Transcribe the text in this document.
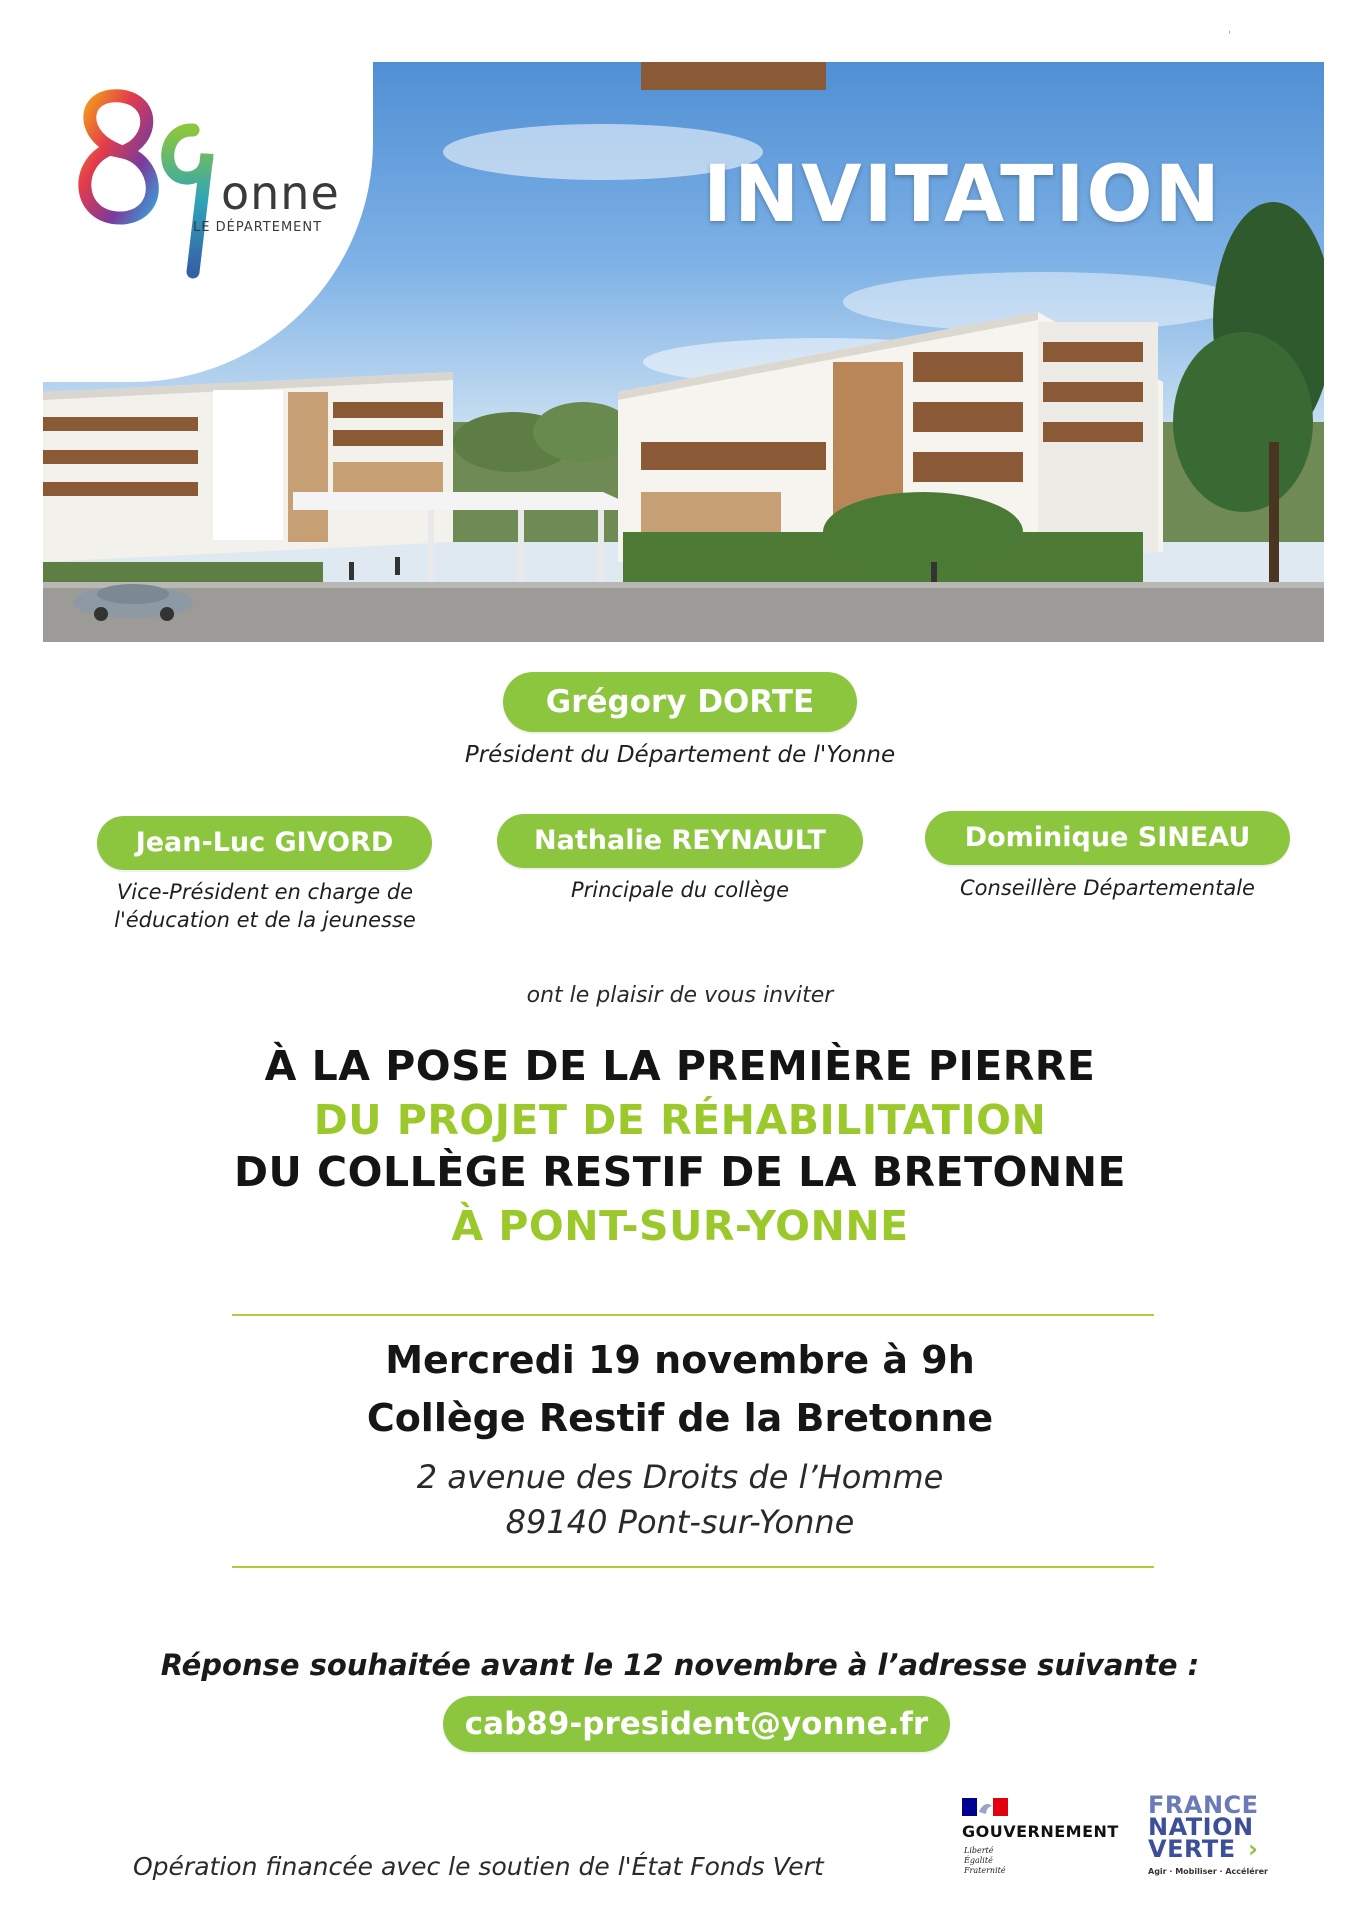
ˌ
onne
LE DÉPARTEMENT	INVITATION
Grégory DORTE
Président du Département de l'Yonne
Jean-Luc GIVORD
Vice-Président en charge de
l'éducation et de la jeunesse
Nathalie REYNAULT
Principale du collège
Dominique SINEAU
Conseillère Départementale
ont le plaisir de vous inviter
À LA POSE DE LA PREMIÈRE PIERRE
DU PROJET DE RÉHABILITATION
DU COLLÈGE RESTIF DE LA BRETONNE
À PONT-SUR-YONNE
Mercredi 19 novembre à 9h
Collège Restif de la Bretonne
2 avenue des Droits de l’Homme
89140 Pont-sur-Yonne
Réponse souhaitée avant le 12 novembre à l’adresse suivante :
cab89-president@yonne.fr
Opération financée avec le soutien de l'État Fonds Vert
GOUVERNEMENT
Liberté
Égalité
Fraternité
FRANCE
NATION
VERTE ›
Agir · Mobiliser · Accélérer
